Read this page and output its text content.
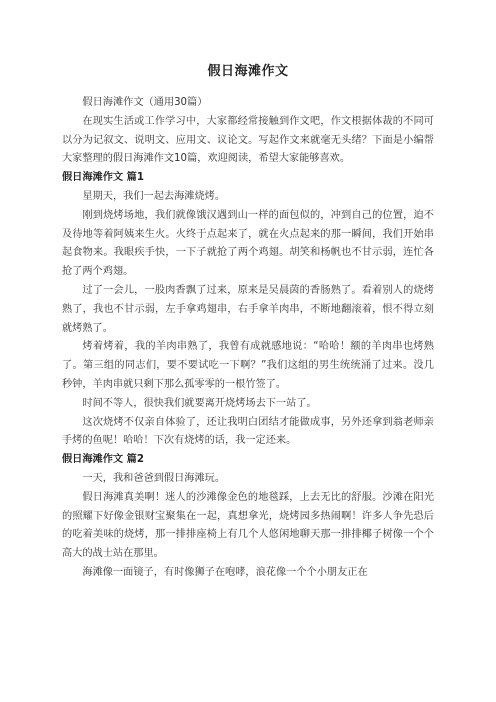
假日海滩作文

假日海滩作文（通用30篇）

在现实生活或工作学习中，大家都经常接触到作文吧，作文根据体裁的不同可以分为记叙文、说明文、应用文、议论文。写起作文来就毫无头绪？下面是小编帮大家整理的假日海滩作文10篇，欢迎阅读，希望大家能够喜欢。

假日海滩作文 篇1

星期天，我们一起去海滩烧烤。

刚到烧烤场地，我们就像饿汉遇到山一样的面包似的，冲到自己的位置，迫不及待地等着阿姨来生火。火终于点起来了，就在火点起来的那一瞬间，我们开始串起食物来。我眼疾手快，一下子就抢了两个鸡翅。胡笑和杨帆也不甘示弱，连忙各抢了两个鸡翅。

过了一会儿，一股肉香飘了过来，原来是吴晨茵的香肠熟了。看着别人的烧烤熟了，我也不甘示弱，左手拿鸡翅串，右手拿羊肉串，不断地翻滚着，恨不得立刻就烤熟了。

烤着烤着，我的羊肉串熟了，我曾有成就感地说：“哈哈！额的羊肉串也烤熟了。第三组的同志们，要不要试吃一下啊？”我们这组的男生统统涌了过来。没几秒钟，羊肉串就只剩下那么孤零零的一根竹签了。

时间不等人，很快我们就要离开烧烤场去下一站了。

这次烧烤不仅亲自体验了，还让我明白团结才能做成事，另外还拿到翁老师亲手烤的鱼呢！哈哈！下次有烧烤的话，我一定还来。

假日海滩作文 篇2

一天，我和爸爸到假日海滩玩。

假日海滩真美啊！迷人的沙滩像金色的地毯踩，上去无比的舒服。沙滩在阳光的照耀下好像金银财宝聚集在一起，真想拿光，烧烤园多热闹啊！许多人争先恐后的吃着美味的烧烤，那一排排座椅上有几个人悠闲地聊天那一排排椰子树像一个个高大的战士站在那里。

海滩像一面镜子，有时像狮子在咆哮，浪花像一个个小朋友正在
